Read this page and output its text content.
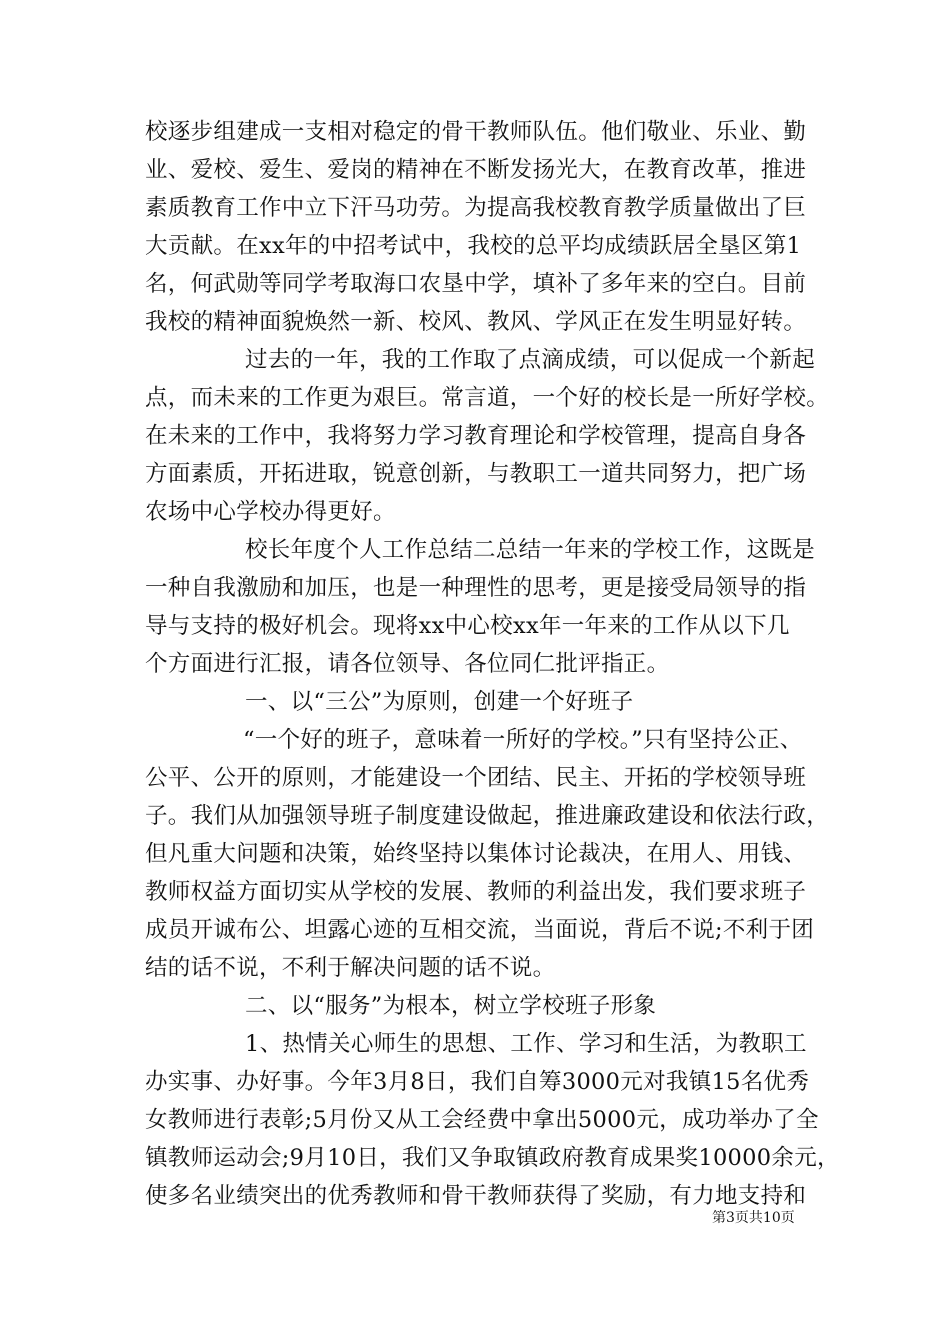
校逐步组建成一支相对稳定的骨干教师队伍。他们敬业、乐业、勤
业、爱校、爱生、爱岗的精神在不断发扬光大，在教育改革，推进
素质教育工作中立下汗马功劳。为提高我校教育教学质量做出了巨
大贡献。在xx年的中招考试中，我校的总平均成绩跃居全垦区第1
名，何武勋等同学考取海口农垦中学，填补了多年来的空白。目前
我校的精神面貌焕然一新、校风、教风、学风正在发生明显好转。
过去的一年，我的工作取了点滴成绩，可以促成一个新起
点，而未来的工作更为艰巨。常言道，一个好的校长是一所好学校。
在未来的工作中，我将努力学习教育理论和学校管理，提高自身各
方面素质，开拓进取，锐意创新，与教职工一道共同努力，把广场
农场中心学校办得更好。
校长年度个人工作总结二总结一年来的学校工作，这既是
一种自我激励和加压，也是一种理性的思考，更是接受局领导的指
导与支持的极好机会。现将xx中心校xx年一年来的工作从以下几
个方面进行汇报，请各位领导、各位同仁批评指正。
一、以“三公”为原则，创建一个好班子
“一个好的班子，意味着一所好的学校。”只有坚持公正、
公平、公开的原则，才能建设一个团结、民主、开拓的学校领导班
子。我们从加强领导班子制度建设做起，推进廉政建设和依法行政，
但凡重大问题和决策，始终坚持以集体讨论裁决，在用人、用钱、
教师权益方面切实从学校的发展、教师的利益出发，我们要求班子
成员开诚布公、坦露心迹的互相交流，当面说，背后不说;不利于团
结的话不说，不利于解决问题的话不说。
二、以“服务”为根本，树立学校班子形象
1、热情关心师生的思想、工作、学习和生活，为教职工
办实事、办好事。今年3月8日，我们自筹3000元对我镇15名优秀
女教师进行表彰;5月份又从工会经费中拿出5000元，成功举办了全
镇教师运动会;9月10日，我们又争取镇政府教育成果奖10000余元，
使多名业绩突出的优秀教师和骨干教师获得了奖励，有力地支持和
第3页共10页
